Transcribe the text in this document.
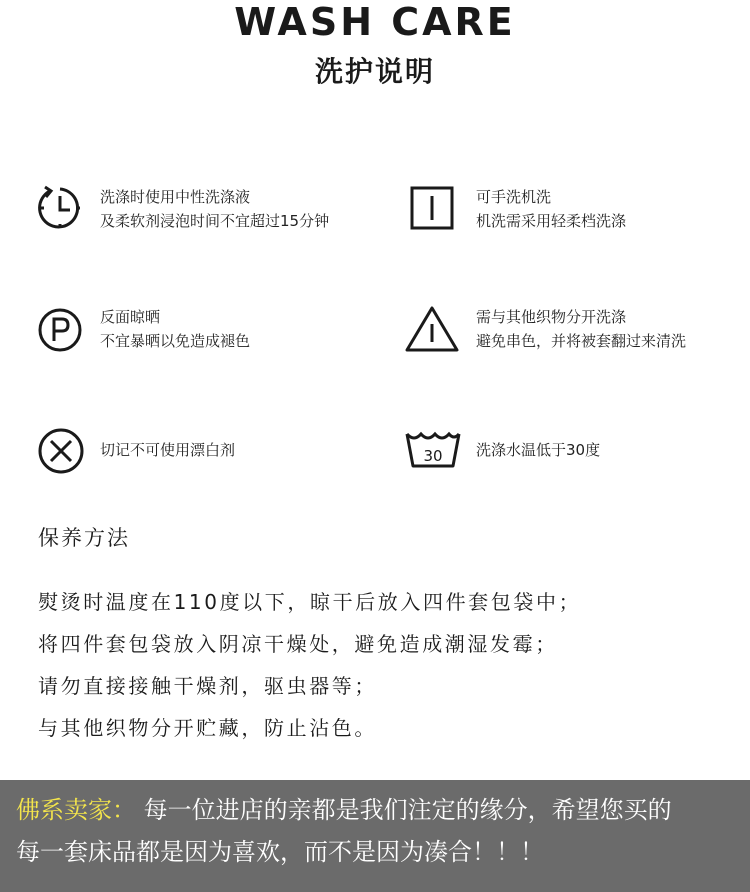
WASH CARE
洗护说明
洗涤时使用中性洗涤液
及柔软剂浸泡时间不宜超过15分钟
可手洗机洗
机洗需采用轻柔档洗涤
反面晾晒
不宜暴晒以免造成褪色
需与其他织物分开洗涤
避免串色，并将被套翻过来清洗
切记不可使用漂白剂	30 洗涤水温低于30度
保养方法
熨烫时温度在110度以下，晾干后放入四件套包袋中；
将四件套包袋放入阴凉干燥处，避免造成潮湿发霉；
请勿直接接触干燥剂，驱虫器等；
与其他织物分开贮藏，防止沾色。
佛系卖家： 每一位进店的亲都是我们注定的缘分，希望您买的
每一套床品都是因为喜欢，而不是因为凑合！！！
